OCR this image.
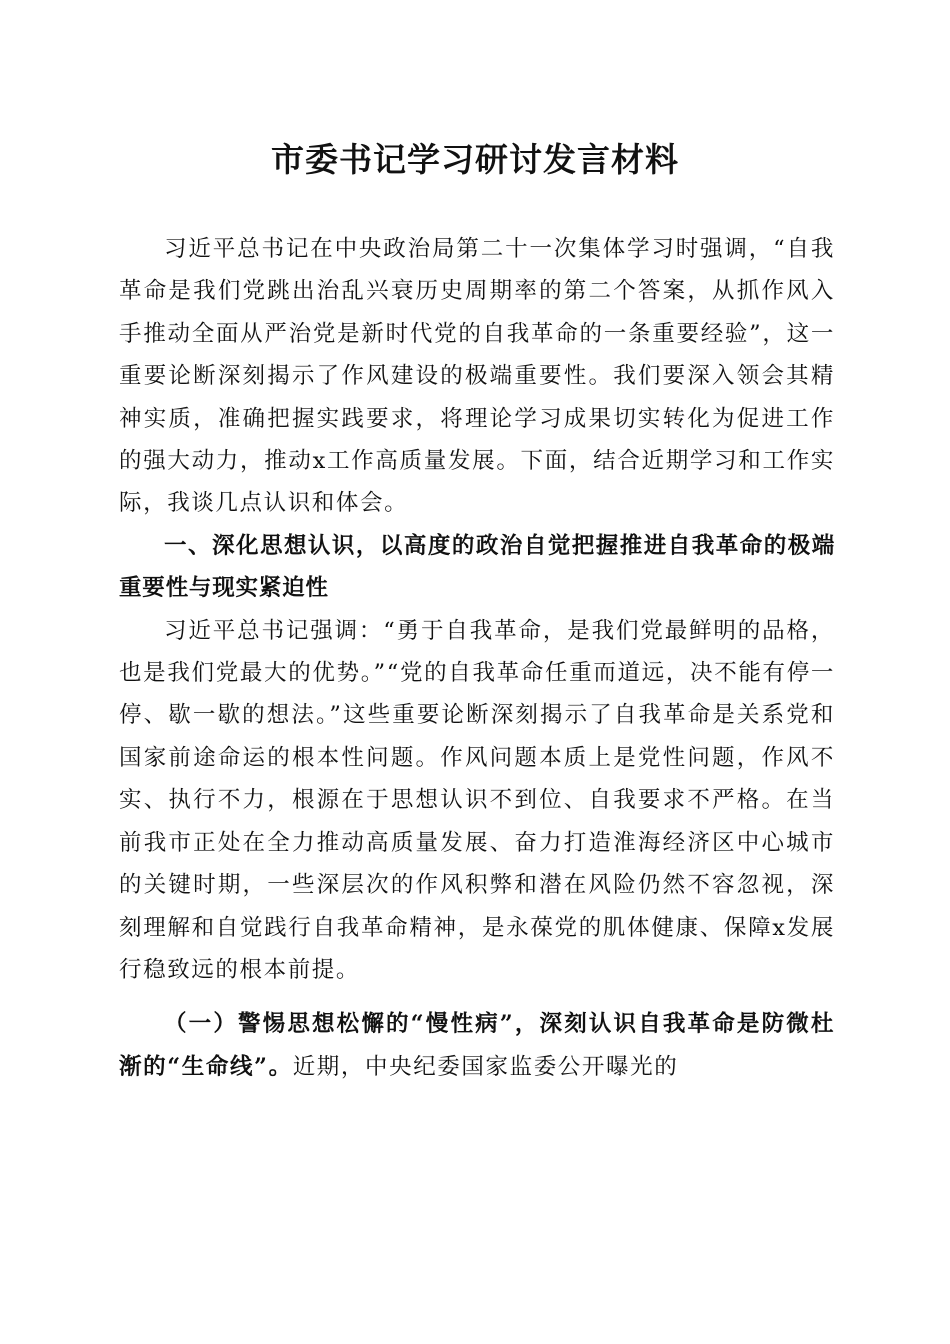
市委书记学习研讨发言材料

习近平总书记在中央政治局第二十一次集体学习时强调，“自我革命是我们党跳出治乱兴衰历史周期率的第二个答案，从抓作风入手推动全面从严治党是新时代党的自我革命的一条重要经验”，这一重要论断深刻揭示了作风建设的极端重要性。我们要深入领会其精神实质，准确把握实践要求，将理论学习成果切实转化为促进工作的强大动力，推动x工作高质量发展。下面，结合近期学习和工作实际，我谈几点认识和体会。

一、深化思想认识，以高度的政治自觉把握推进自我革命的极端重要性与现实紧迫性

习近平总书记强调：“勇于自我革命，是我们党最鲜明的品格，也是我们党最大的优势。”“党的自我革命任重而道远，决不能有停一停、歇一歇的想法。”这些重要论断深刻揭示了自我革命是关系党和国家前途命运的根本性问题。作风问题本质上是党性问题，作风不实、执行不力，根源在于思想认识不到位、自我要求不严格。在当前我市正处在全力推动高质量发展、奋力打造淮海经济区中心城市的关键时期，一些深层次的作风积弊和潜在风险仍然不容忽视，深刻理解和自觉践行自我革命精神，是永葆党的肌体健康、保障x发展行稳致远的根本前提。

（一）警惕思想松懈的“慢性病”，深刻认识自我革命是防微杜渐的“生命线”。近期，中央纪委国家监委公开曝光的
